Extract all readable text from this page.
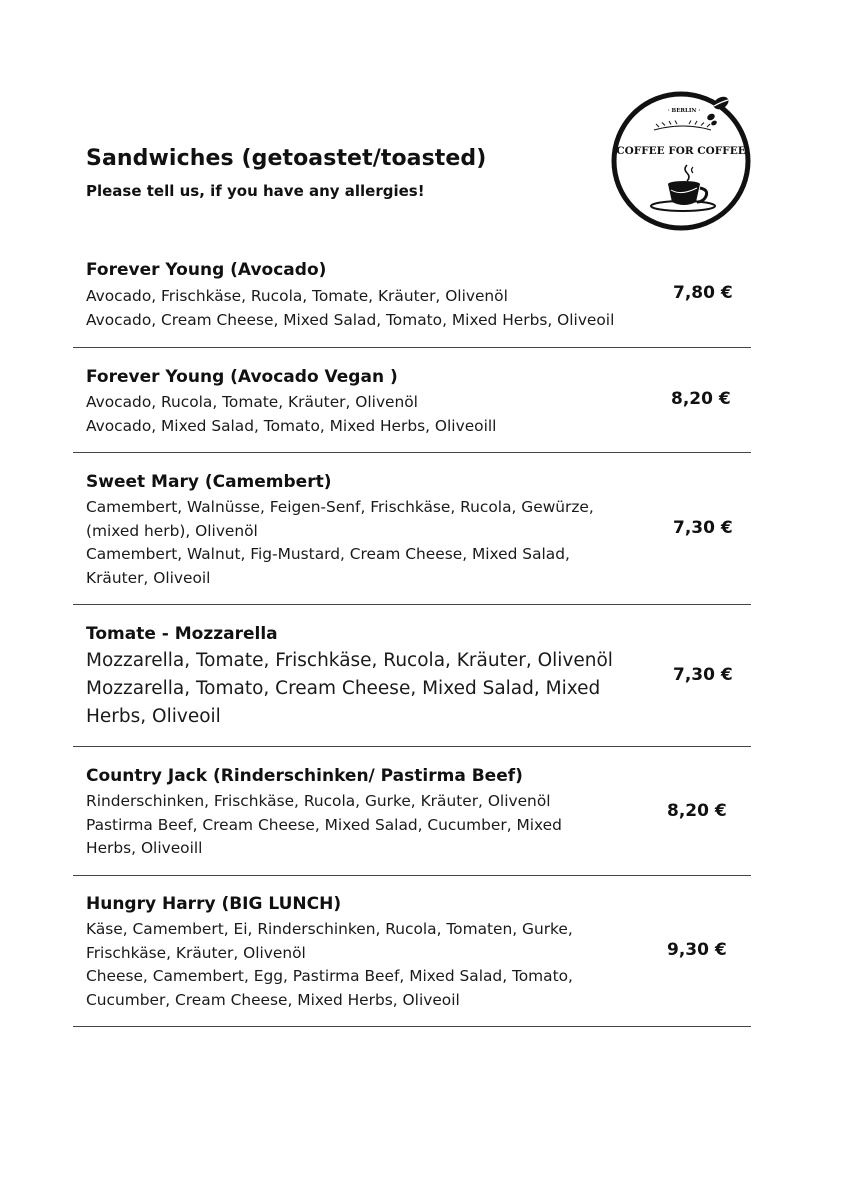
Sandwiches (getoastet/toasted)

Please tell us, if you have any allergies!

· BERLIN ·
COFFEE FOR COFFEE

Forever Young (Avocado)

Avocado, Frischkäse, Rucola, Tomate, Kräuter, Olivenöl
Avocado, Cream Cheese, Mixed Salad, Tomato, Mixed Herbs, Oliveoil

7,80 €

Forever Young (Avocado Vegan )

Avocado, Rucola, Tomate, Kräuter, Olivenöl
Avocado, Mixed Salad, Tomato, Mixed Herbs, Oliveoill

8,20 €

Sweet Mary (Camembert)

Camembert, Walnüsse, Feigen-Senf, Frischkäse, Rucola, Gewürze,
(mixed herb), Olivenöl
Camembert, Walnut, Fig-Mustard, Cream Cheese, Mixed Salad,
Kräuter, Oliveoil

7,30 €

Tomate - Mozzarella

Mozzarella, Tomate, Frischkäse, Rucola, Kräuter, Olivenöl
Mozzarella, Tomato, Cream Cheese, Mixed Salad, Mixed
Herbs, Oliveoil

7,30 €

Country Jack (Rinderschinken/ Pastirma Beef)

Rinderschinken, Frischkäse, Rucola, Gurke, Kräuter, Olivenöl
Pastirma Beef, Cream Cheese, Mixed Salad, Cucumber, Mixed
Herbs, Oliveoill

8,20 €

Hungry Harry (BIG LUNCH)

Käse, Camembert, Ei, Rinderschinken, Rucola, Tomaten, Gurke,
Frischkäse, Kräuter, Olivenöl
Cheese, Camembert, Egg, Pastirma Beef, Mixed Salad, Tomato,
Cucumber, Cream Cheese, Mixed Herbs, Oliveoil

9,30 €
